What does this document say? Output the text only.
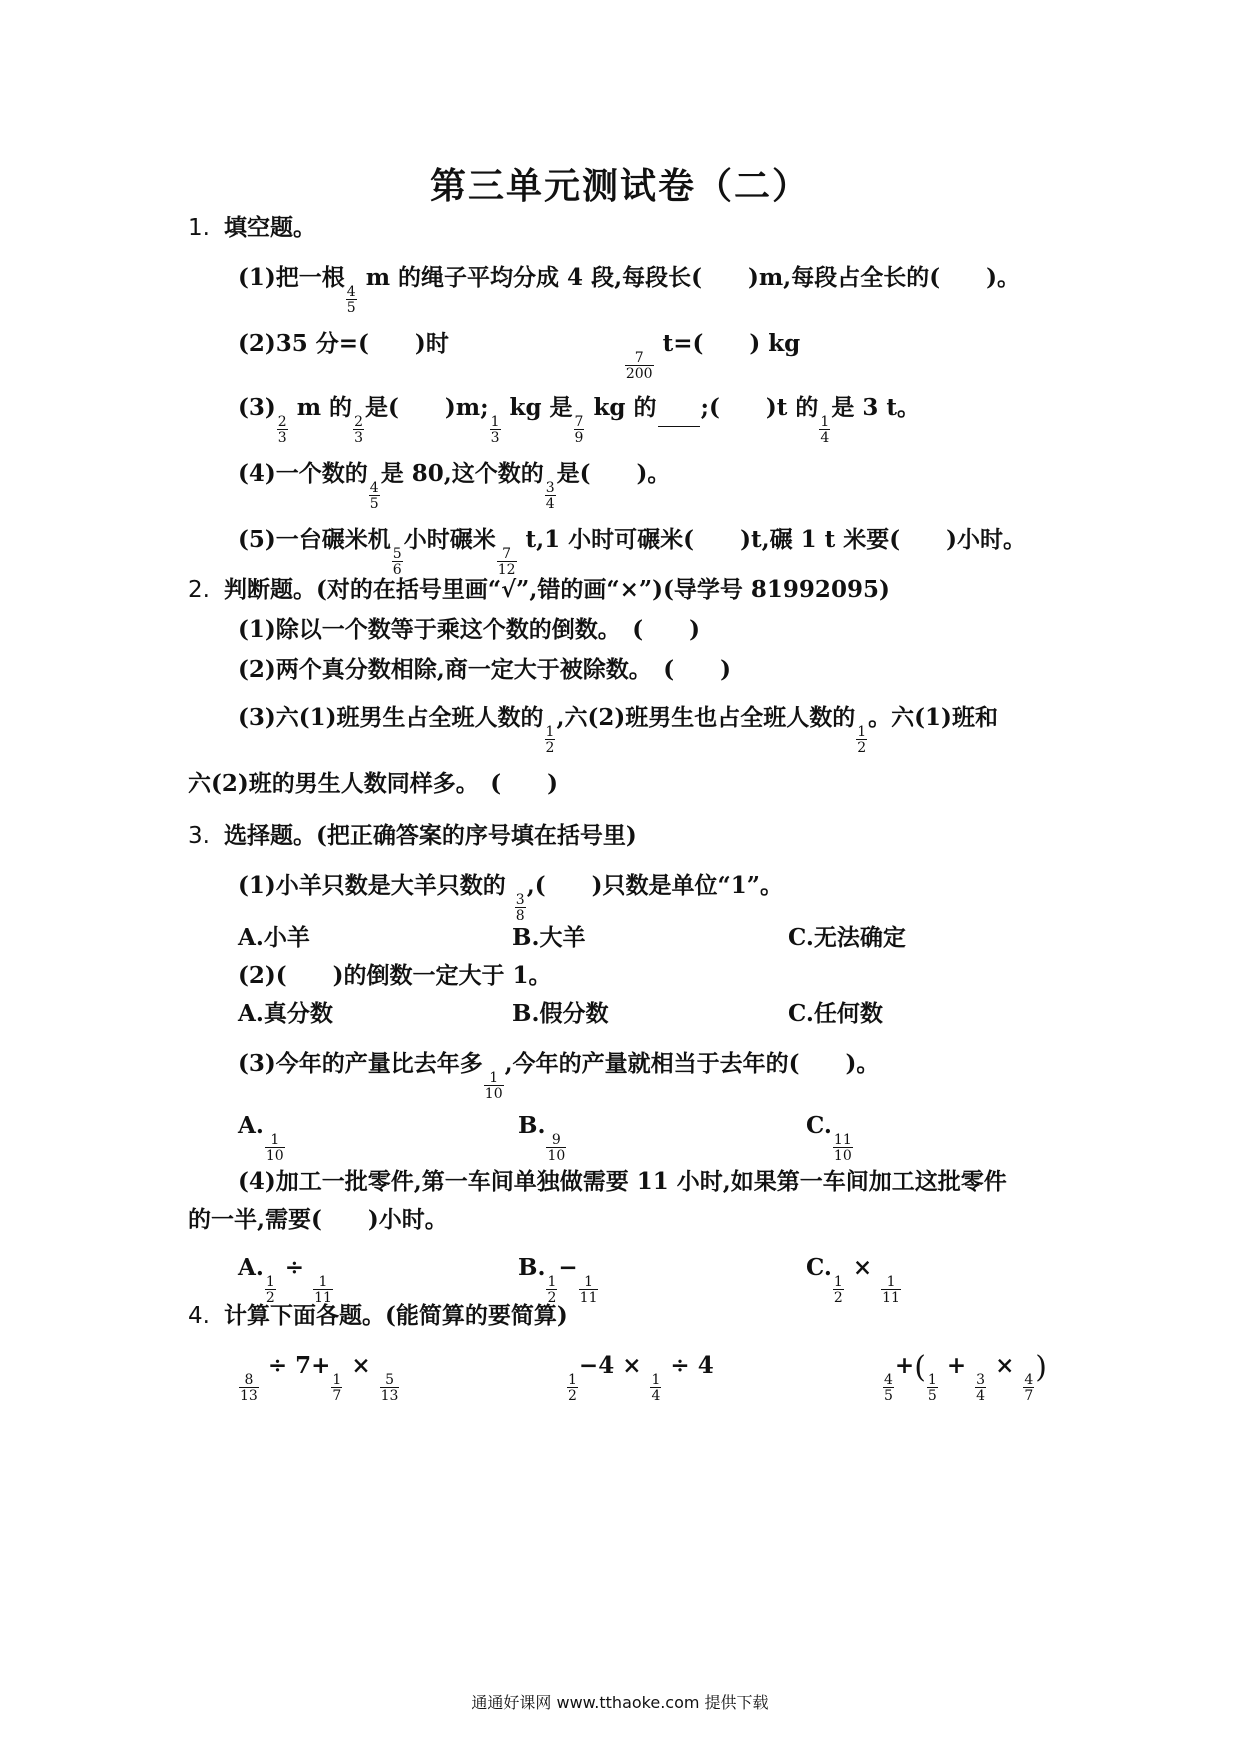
第三单元测试卷（二）
1. 填空题。
(1)把一根
$\frac{4}{5}$
m 的绳子平均分成 4 段,每段长(　　)m,每段占全长的(　　)。
(2)35 分=(　　)时
$\frac{7}{200}$
t=(　　) kg
(3)
$\frac{2}{3}$
m 的
$\frac{2}{3}$
是(　　)m;
$\frac{1}{3}$
kg 是
$\frac{7}{9}$
kg 的 ;(　　)t 的
$\frac{1}{4}$
是 3 t。
(4)一个数的
$\frac{4}{5}$
是 80,这个数的
$\frac{3}{4}$
是(　　)。
(5)一台碾米机
$\frac{5}{6}$
小时碾米
$\frac{7}{12}$
t,1 小时可碾米(　　)t,碾 1 t 米要(　　)小时。
2. 判断题。(对的在括号里画“√”,错的画“×”)(导学号 81992095)
(1)除以一个数等于乘这个数的倒数。　(　　)
(2)两个真分数相除,商一定大于被除数。　(　　)
(3)六(1)班男生占全班人数的
$\frac{1}{2}$
,六(2)班男生也占全班人数的
$\frac{1}{2}$
。六(1)班和
六(2)班的男生人数同样多。　(　　)
3. 选择题。(把正确答案的序号填在括号里)
(1)小羊只数是大羊只数的
$\frac{3}{8}$
,(　　)只数是单位“1”。
A.小羊	B.大羊	C.无法确定
(2)(　　)的倒数一定大于 1。
A.真分数	B.假分数	C.任何数
(3)今年的产量比去年多
$\frac{1}{10}$
,今年的产量就相当于去年的(　　)。
A.
$\frac{1}{10}$
B.
$\frac{9}{10}$
C.
$\frac{11}{10}$
(4)加工一批零件,第一车间单独做需要 11 小时,如果第一车间加工这批零件
的一半,需要(　　)小时。
A.
$\frac{1}{2}$
÷
$\frac{1}{11}$
B.
$\frac{1}{2}$
−
$\frac{1}{11}$
C.
$\frac{1}{2}$
×
$\frac{1}{11}$
4. 计算下面各题。(能简算的要简算)
$\frac{8}{13}$
÷ 7+
$\frac{1}{7}$
×
$\frac{5}{13}$	$\frac{1}{2}$
−4 ×
$\frac{1}{4}$
÷ 4
$\frac{4}{5}$
+(
$\frac{1}{5}$
+
$\frac{3}{4}$
×
$\frac{4}{7}$
)
通通好课网 www.tthaoke.com 提供下载
